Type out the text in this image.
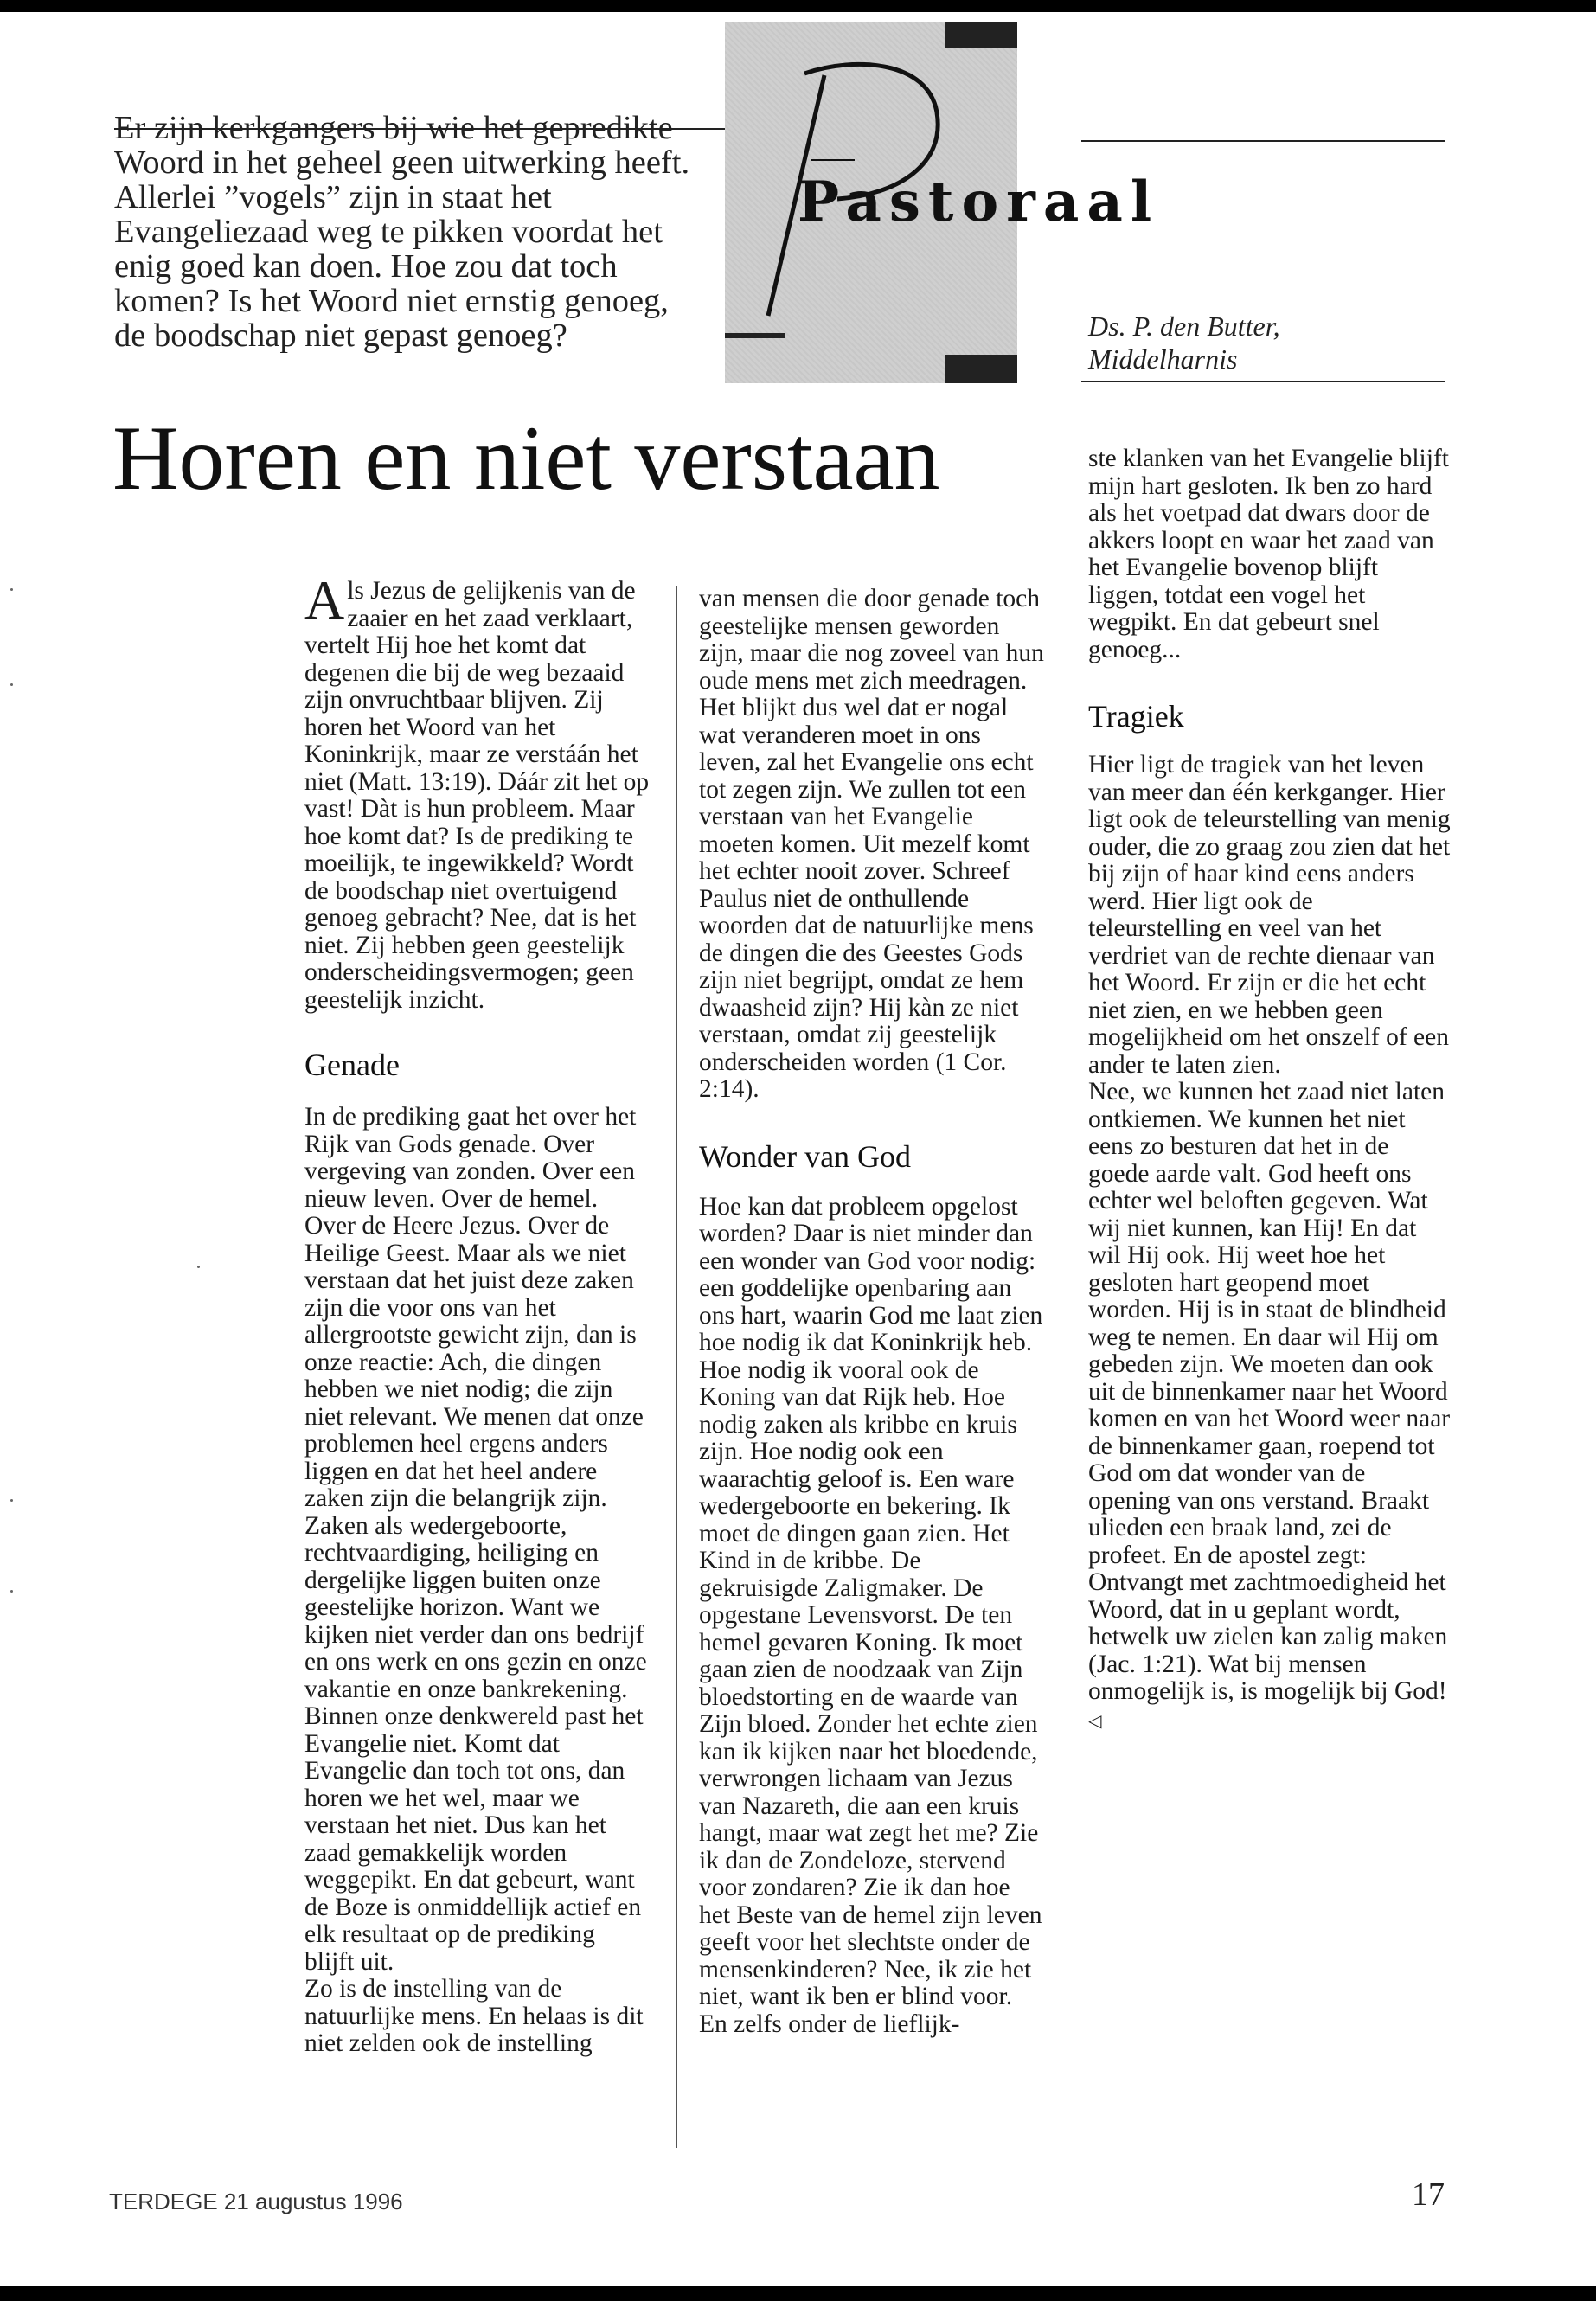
Er zijn kerkgangers bij wie het gepredikte Woord in het geheel geen uitwerking heeft. Allerlei ”vogels” zijn in staat het Evangeliezaad weg te pikken voordat het enig goed kan doen. Hoe zou dat toch komen? Is het Woord niet ernstig genoeg, de boodschap niet gepast genoeg?
Pastoraal
Ds. P. den Butter,
Middelharnis
Horen en niet verstaan

Als Jezus de gelijkenis van de zaaier en het zaad verklaart, vertelt Hij hoe het komt dat degenen die bij de weg bezaaid zijn onvruchtbaar blijven. Zij horen het Woord van het Koninkrijk, maar ze verstáán het niet (Matt. 13:19). Dáár zit het op vast! Dàt is hun probleem. Maar hoe komt dat? Is de prediking te moeilijk, te ingewikkeld? Wordt de boodschap niet overtuigend genoeg gebracht? Nee, dat is het niet. Zij hebben geen geestelijk onderscheidingsvermogen; geen geestelijk inzicht.

Genade

In de prediking gaat het over het Rijk van Gods genade. Over vergeving van zonden. Over een nieuw leven. Over de hemel. Over de Heere Jezus. Over de Heilige Geest. Maar als we niet verstaan dat het juist deze zaken zijn die voor ons van het allergrootste gewicht zijn, dan is onze reactie: Ach, die dingen hebben we niet nodig; die zijn niet relevant. We menen dat onze problemen heel ergens anders liggen en dat het heel andere zaken zijn die belangrijk zijn. Zaken als wedergeboorte, rechtvaardiging, heiliging en dergelijke liggen buiten onze geestelijke horizon. Want we kijken niet verder dan ons bedrijf en ons werk en ons gezin en onze vakantie en onze bankrekening. Binnen onze denkwereld past het Evangelie niet. Komt dat Evangelie dan toch tot ons, dan horen we het wel, maar we verstaan het niet. Dus kan het zaad gemakkelijk worden weggepikt. En dat gebeurt, want de Boze is onmiddellijk actief en elk resultaat op de prediking blijft uit.

Zo is de instelling van de natuurlijke mens. En helaas is dit niet zelden ook de instelling

van mensen die door genade toch geestelijke mensen geworden zijn, maar die nog zoveel van hun oude mens met zich meedragen.

Het blijkt dus wel dat er nogal wat veranderen moet in ons leven, zal het Evangelie ons echt tot zegen zijn. We zullen tot een verstaan van het Evangelie moeten komen. Uit mezelf komt het echter nooit zover. Schreef Paulus niet de onthullende woorden dat de natuurlijke mens de dingen die des Geestes Gods zijn niet begrijpt, omdat ze hem dwaasheid zijn? Hij kàn ze niet verstaan, omdat zij geestelijk onderscheiden worden (1 Cor. 2:14).

Wonder van God

Hoe kan dat probleem opgelost worden? Daar is niet minder dan een wonder van God voor nodig: een goddelijke openbaring aan ons hart, waarin God me laat zien hoe nodig ik dat Koninkrijk heb. Hoe nodig ik vooral ook de Koning van dat Rijk heb. Hoe nodig zaken als kribbe en kruis zijn. Hoe nodig ook een waarachtig geloof is. Een ware wedergeboorte en bekering. Ik moet de dingen gaan zien. Het Kind in de kribbe. De gekruisigde Zaligmaker. De opgestane Levensvorst. De ten hemel gevaren Koning. Ik moet gaan zien de noodzaak van Zijn bloedstorting en de waarde van Zijn bloed. Zonder het echte zien kan ik kijken naar het bloedende, verwrongen lichaam van Jezus van Nazareth, die aan een kruis hangt, maar wat zegt het me? Zie ik dan de Zondeloze, stervend voor zondaren? Zie ik dan hoe het Beste van de hemel zijn leven geeft voor het slechtste onder de mensenkinderen? Nee, ik zie het niet, want ik ben er blind voor. En zelfs onder de lieflijk-

ste klanken van het Evangelie blijft mijn hart gesloten. Ik ben zo hard als het voetpad dat dwars door de akkers loopt en waar het zaad van het Evangelie bovenop blijft liggen, totdat een vogel het wegpikt. En dat gebeurt snel genoeg...

Tragiek

Hier ligt de tragiek van het leven van meer dan één kerkganger. Hier ligt ook de teleurstelling van menig ouder, die zo graag zou zien dat het bij zijn of haar kind eens anders werd. Hier ligt ook de teleurstelling en veel van het verdriet van de rechte dienaar van het Woord. Er zijn er die het echt niet zien, en we hebben geen mogelijkheid om het onszelf of een ander te laten zien.

Nee, we kunnen het zaad niet laten ontkiemen. We kunnen het niet eens zo besturen dat het in de goede aarde valt. God heeft ons echter wel beloften gegeven. Wat wij niet kunnen, kan Hij! En dat wil Hij ook. Hij weet hoe het gesloten hart geopend moet worden. Hij is in staat de blindheid weg te nemen. En daar wil Hij om gebeden zijn. We moeten dan ook uit de binnenkamer naar het Woord komen en van het Woord weer naar de binnenkamer gaan, roepend tot God om dat wonder van de opening van ons verstand. Braakt ulieden een braak land, zei de profeet. En de apostel zegt: Ontvangt met zachtmoedigheid het Woord, dat in u geplant wordt, hetwelk uw zielen kan zalig maken (Jac. 1:21). Wat bij mensen onmogelijk is, is mogelijk bij God! ◁

TERDEGE 21 augustus 1996	17
